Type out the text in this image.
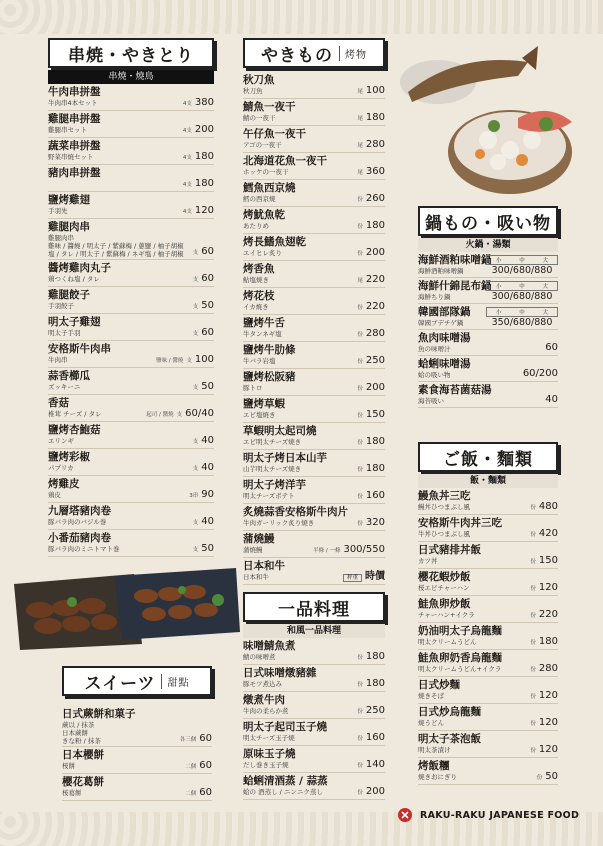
串焼・やきとり
串燒・燒鳥
牛肉串拼盤
牛肉串4本セット	4支 380
雞腿串拼盤
雞腿串セット	4支 200
蔬菜串拼盤
野菜串焼セット	4支 180
豬肉串拼盤
4支 180
鹽烤雞翅
手羽先	4支 120
雞腿肉串
雞腿肉串
雞味 / 醬燒 / 明太子 / 紫蘇梅 / 蔥鹽 / 柚子胡椒
塩 / タレ / 明太子 / 紫蘇梅 / ネギ塩 / 柚子胡椒	支 60
醬烤雞肉丸子
鶏つくね塩 / タレ	支 60
雞腿餃子
手羽餃子	支 50
明太子雞翅
明太子手羽	支 60
安格斯牛肉串
牛肉串	鹽味 / 醬燒 支 100
蒜香櫛瓜
ズッキーニ	支 50
香菇
椎茸 チーズ / タレ	起司 / 醬燒 支 60/40
鹽烤杏鮑菇
エリンギ	支 40
鹽烤彩椒
パプリカ	支 40
烤雞皮
鶏皮	3串 90
九層塔豬肉卷
豚バラ肉のバジル巻	支 40
小番茄豬肉卷
豚バラ肉のミニトマト巻	支 50
スイーツ	甜點
日式蕨餅和菓子
蕨以 / 抹茶
日本蕨餅
きな粉 / 抹茶	各三個 60
日本櫻餅
桜餅	二個 60
櫻花葛餅
桜葛餅	二個 60
やきもの	烤物
秋刀魚
秋刀魚	尾 100
鯖魚一夜干
鯖の一夜干	尾 180
午仔魚一夜干
アゴの一夜干	尾 280
北海道花魚一夜干
ホッケの一夜干	尾 360
鱈魚西京燒
鱈の西京焼	份 260
烤魷魚乾
あたりめ	份 180
烤長鰭魚翅乾
エイヒレ炙り	份 200
烤香魚
鮎塩焼き	尾 220
烤花枝
イカ焼き	份 220
鹽烤牛舌
牛タンネギ塩	份 280
鹽烤牛肋條
牛バラ岩塩	份 250
鹽烤松阪豬
豚トロ	份 200
鹽烤草蝦
エビ塩焼き	份 150
草蝦明太起司燒
エビ明太チーズ焼き	份 180
明太子烤日本山芋
山芋明太チーズ焼き	份 180
明太子烤洋芋
明太チーズポテト	份 160
炙燒蒜香安格斯牛肉片
牛肉ガーリック炙り焼き	份 320
蒲燒鰻
蒲焼鰻	半條 / 一條 300/550
日本和牛
日本和牛	秤重 時價
一品料理
和風一品料理
味噌鯖魚煮
鯖の味噌煮	份 180
日式味噌燉豬雜
豚モツ煮込み	份 180
燉煮牛肉
牛肉の柔らか煮	份 250
明太子起司玉子燒
明太チーズ玉子焼	份 160
原味玉子燒
だし巻き玉子焼	份 140
蛤蜊清酒蒸 / 蒜蒸
蛤の 酒蒸し / ニンニク蒸し	份 200
鍋もの・吸い物
火鍋・湯類
海鮮酒粕味噌鍋
海鮮酒粕味噌鍋
小	中	大
300/680/880
海鮮什錦昆布鍋
海鮮ちり鍋
小	中	大
300/680/880
韓國部隊鍋
韓國ブデチゲ鍋
小	中	大
350/680/880
魚肉味噌湯
魚の味噌汁	60
蛤蜊味噌湯
蛤の吸い物	60/200
素食海苔菌菇湯
海苔吸い	40
ご飯・麵類
飯・麵類
鰻魚丼三吃
鰻丼ひつまぶし風	份 480
安格斯牛肉丼三吃
牛丼ひつまぶし風	份 420
日式豬排丼飯
カツ丼	份 150
櫻花蝦炒飯
桜エビチャーハン	份 120
鮭魚卵炒飯
チャーハン+イクラ	份 220
奶油明太子烏龍麵
明太クリームうどん	份 180
鮭魚卵奶香烏龍麵
明太クリームうどん+イクラ	份 280
日式炒麵
焼きそば	份 120
日式炒烏龍麵
焼うどん	份 120
明太子茶泡飯
明太茶漬け	份 120
烤飯糰
焼きおにぎり	份 50
RAKU-RAKU JAPANESE FOOD
